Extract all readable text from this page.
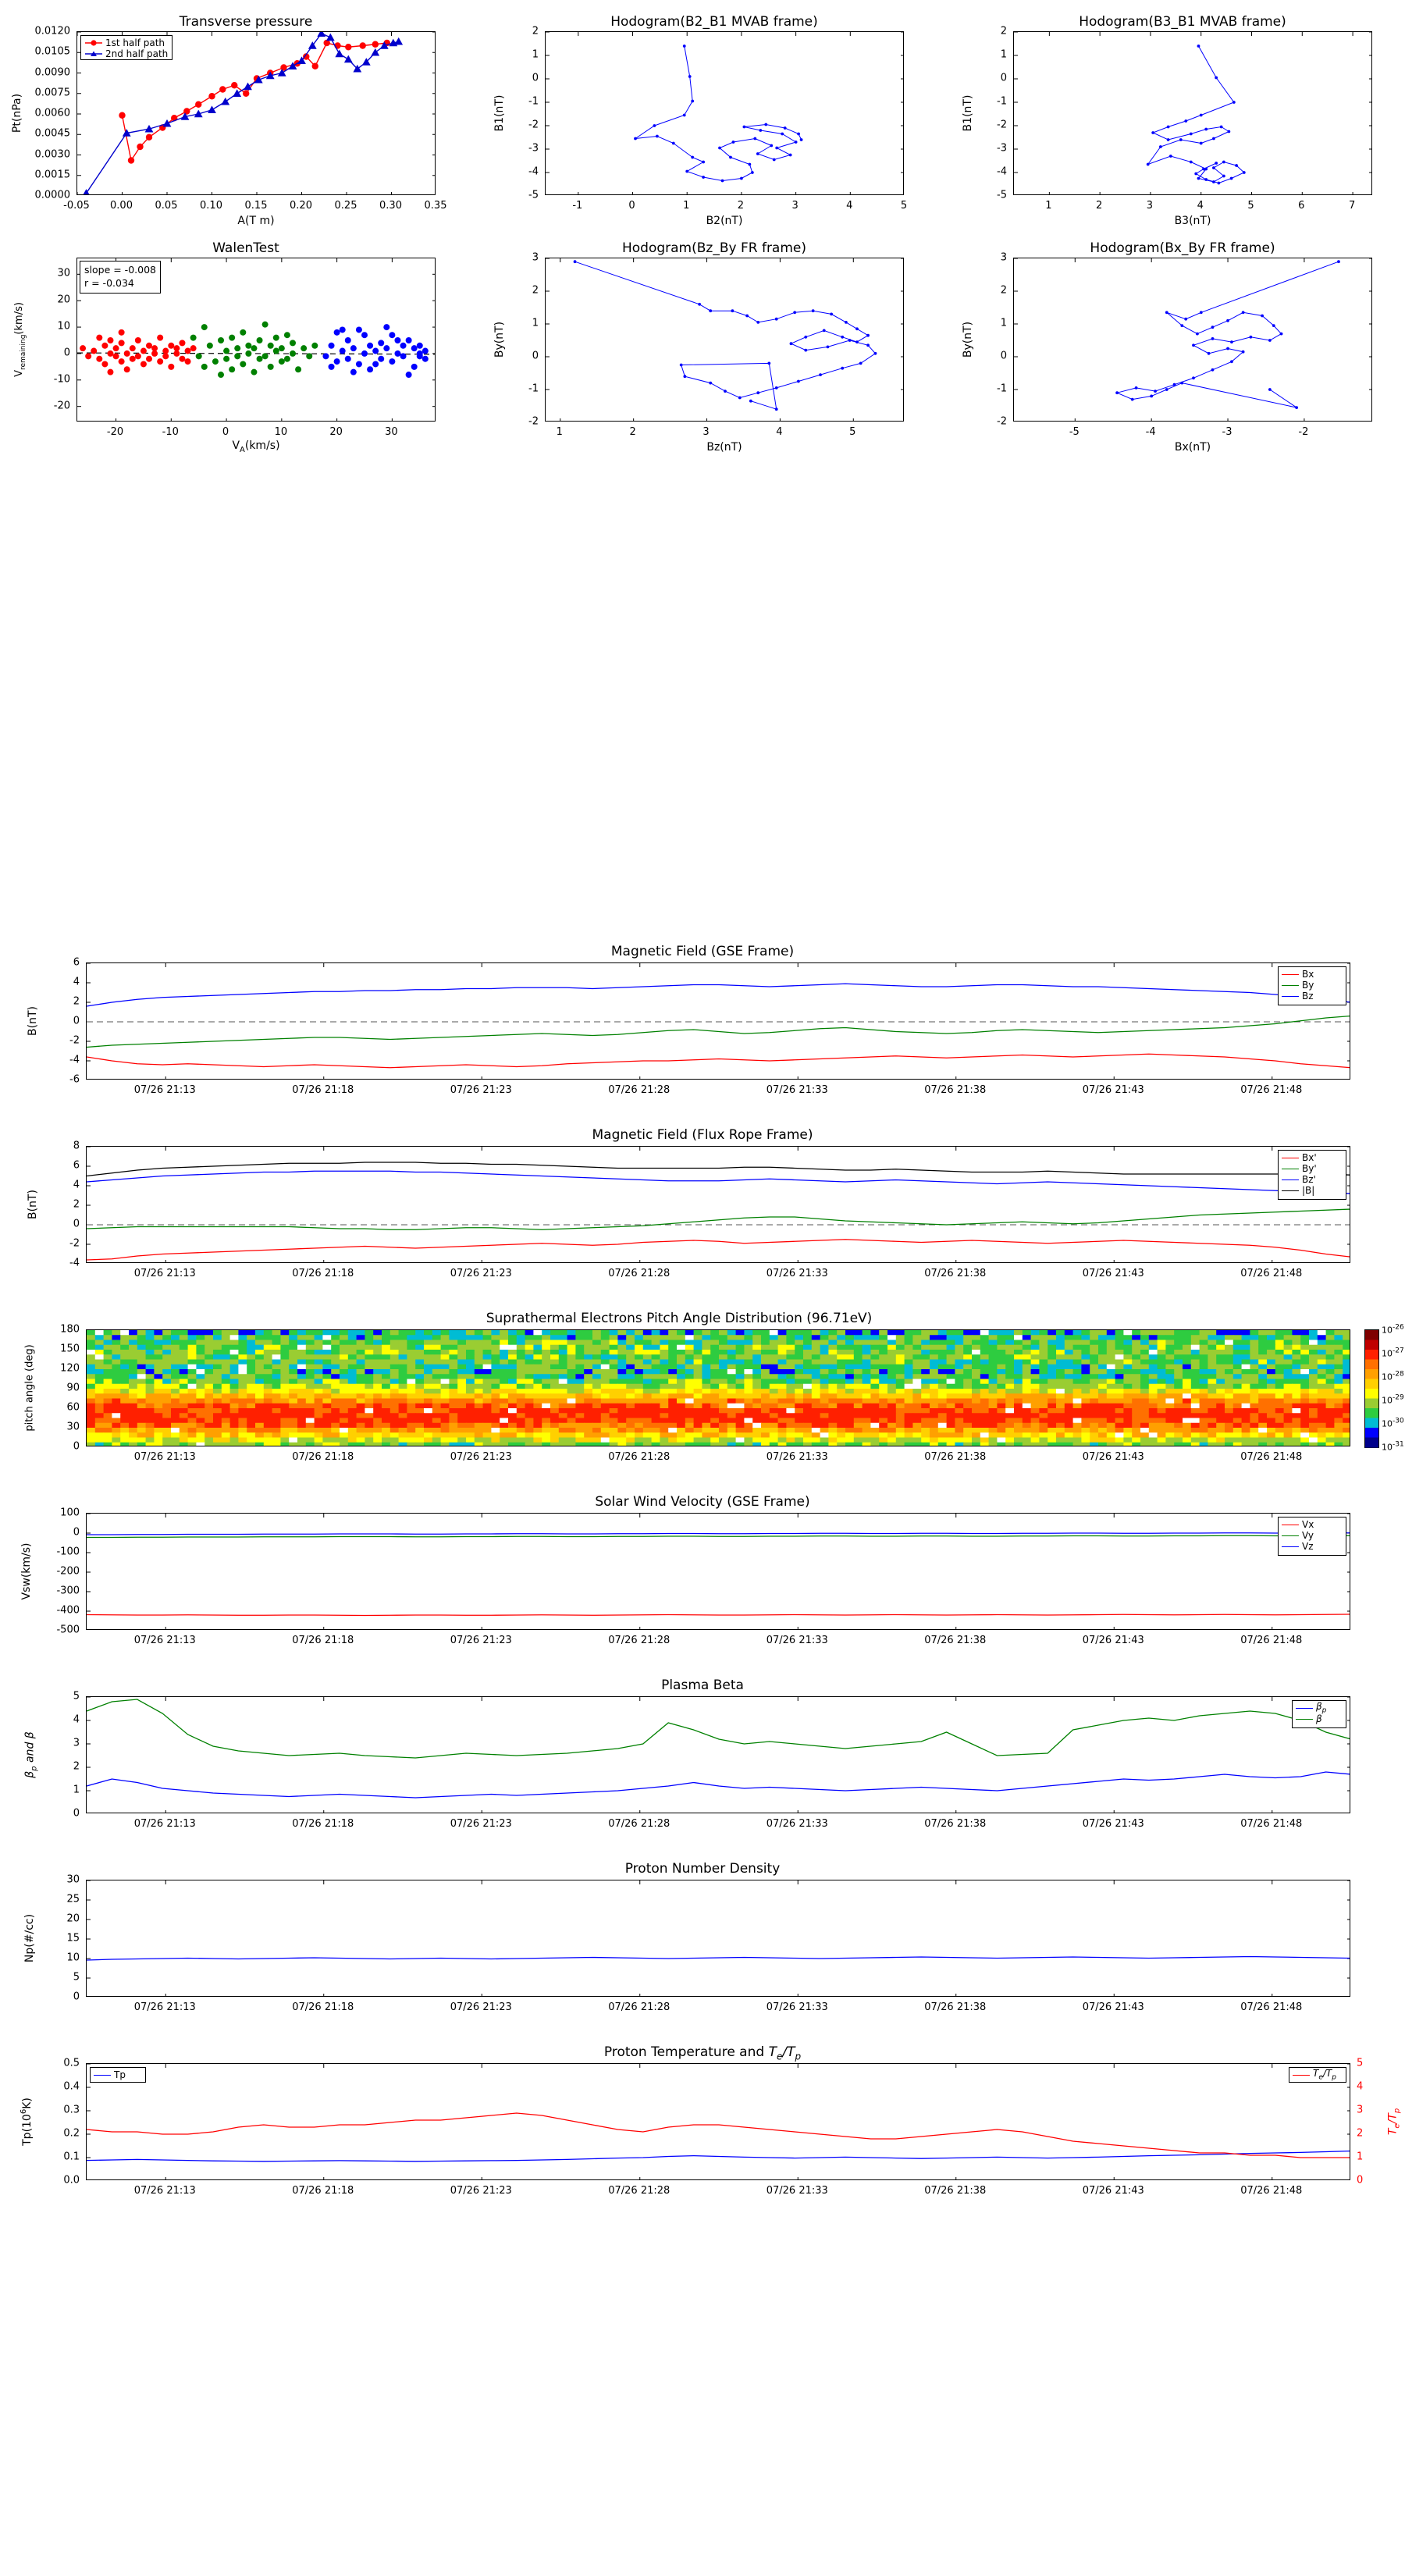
Transverse pressure
1st half path
2nd half path
A(T m)
Pt(nPa)
Hodogram(B2_B1 MVAB frame)
B2(nT)
B1(nT)
Hodogram(B3_B1 MVAB frame)
B3(nT)
B1(nT)
WalenTest
slope = -0.008
r = -0.034
$V_A(km/s)$
$V_{remaining}(km/s)$
Hodogram(Bz_By FR frame)
Bz(nT)
By(nT)
Hodogram(Bx_By FR frame)
Bx(nT)
By(nT)
Magnetic Field (GSE Frame)
Bx
By
Bz
B(nT)
Magnetic Field (Flux Rope Frame)
Bx'
By'
Bz'
|B|
B(nT)
Suprathermal Electrons Pitch Angle Distribution (96.71eV)
pitch angle (deg)
$10^{-26}$
$10^{-27}$
$10^{-28}$
$10^{-29}$
$10^{-30}$
$10^{-31}$
Solar Wind Velocity (GSE Frame)
Vx
Vy
Vz
Vsw(km/s)
Plasma Beta
$\beta_p$
β
$\beta_p$ and β
Proton Number Density
Np(#/cc)
Proton Temperature and $T_e/T_p$
Tp	$T_e/T_p$
$Tp(10^6K)$
$T_e/T_p$
-0.05 0.00 0.05 0.10 0.15 0.20 0.25 0.30 0.35
0.0000
0.0015
0.0030
0.0045
0.0060
0.0075
0.0090
0.0105
0.0120
-1	0	1	2	3	4	5
-5
-4
-3
-2
-1
0
1
2
1	2	3	4	5	6	7
-5
-4
-3
-2
-1
0
1
2
-20	-10	0	10	20	30
-20
-10
0
10
20
30
1	2	3	4	5
-2
-1
0
1
2
3
-5	-4	-3	-2
-2
-1
0
1
2
3
-6
-4
-2
0
2
4
6
07/26 21:13	07/26 21:18	07/26 21:23	07/26 21:28	07/26 21:33	07/26 21:38	07/26 21:43	07/26 21:48
-4
-2
0
2
4
6
8
07/26 21:13	07/26 21:18	07/26 21:23	07/26 21:28	07/26 21:33	07/26 21:38	07/26 21:43	07/26 21:48
-500
-400
-300
-200
-100
0
100
07/26 21:13	07/26 21:18	07/26 21:23	07/26 21:28	07/26 21:33	07/26 21:38	07/26 21:43	07/26 21:48
0
1
2
3
4
5
07/26 21:13	07/26 21:18	07/26 21:23	07/26 21:28	07/26 21:33	07/26 21:38	07/26 21:43	07/26 21:48
0
5
10
15
20
25
30
07/26 21:13	07/26 21:18	07/26 21:23	07/26 21:28	07/26 21:33	07/26 21:38	07/26 21:43	07/26 21:48
0.0
0.1
0.2
0.3
0.4
0.5
0
1
2
3
4
5
07/26 21:13	07/26 21:18	07/26 21:23	07/26 21:28	07/26 21:33	07/26 21:38	07/26 21:43	07/26 21:48
0
30
60
90
120
150
180
07/26 21:13	07/26 21:18	07/26 21:23	07/26 21:28	07/26 21:33	07/26 21:38	07/26 21:43	07/26 21:48
